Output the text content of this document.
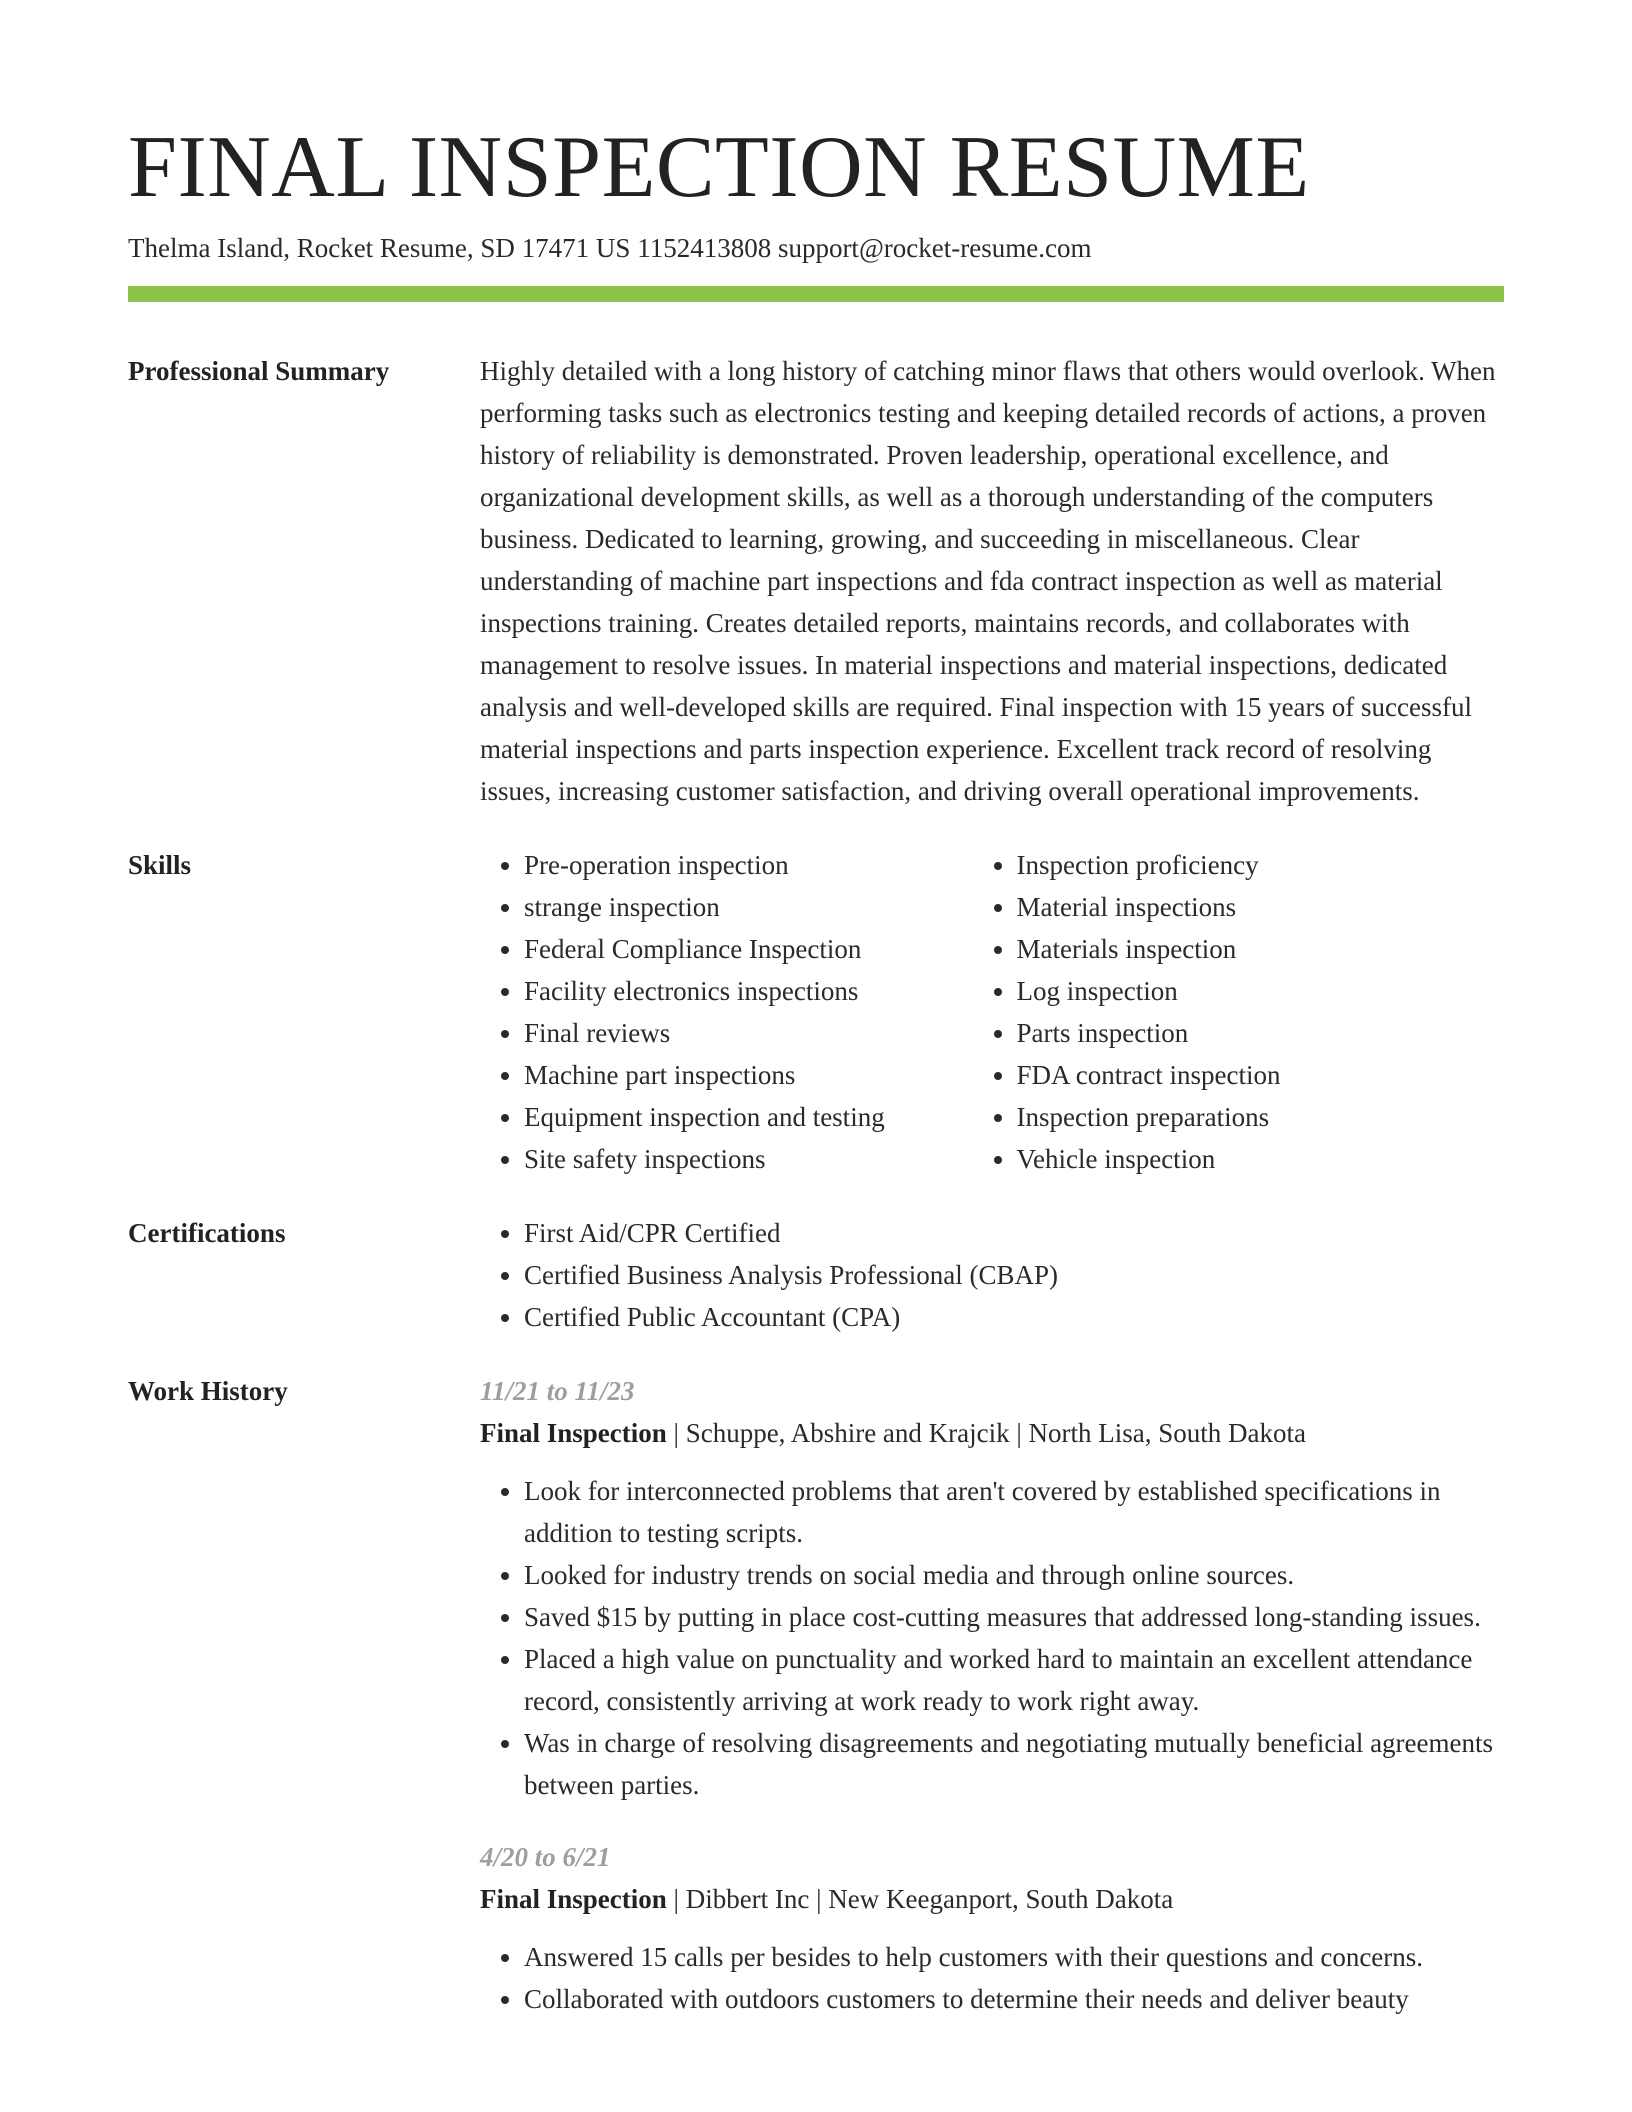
FINAL INSPECTION RESUME
Thelma Island, Rocket Resume, SD 17471 US 1152413808 support@rocket-resume.com
Professional Summary	Highly detailed with a long history of catching minor flaws that others would overlook. When performing tasks such as electronics testing and keeping detailed records of actions, a proven history of reliability is demonstrated. Proven leadership, operational excellence, and organizational development skills, as well as a thorough understanding of the computers business. Dedicated to learning, growing, and succeeding in miscellaneous. Clear understanding of machine part inspections and fda contract inspection as well as material inspections training. Creates detailed reports, maintains records, and collaborates with management to resolve issues. In material inspections and material inspections, dedicated analysis and well-developed skills are required. Final inspection with 15 years of successful material inspections and parts inspection experience. Excellent track record of resolving issues, increasing customer satisfaction, and driving overall operational improvements.

Skills	• Pre-operation inspection
• strange inspection
• Federal Compliance Inspection
• Facility electronics inspections
• Final reviews
• Machine part inspections
• Equipment inspection and testing
• Site safety inspections
• Inspection proficiency
• Material inspections
• Materials inspection
• Log inspection
• Parts inspection
• FDA contract inspection
• Inspection preparations
• Vehicle inspection
Certifications	• First Aid/CPR Certified
• Certified Business Analysis Professional (CBAP)
• Certified Public Accountant (CPA)
Work History	11/21 to 11/23
Final Inspection | Schuppe, Abshire and Krajcik | North Lisa, South Dakota
• Look for interconnected problems that aren't covered by established specifications in addition to testing scripts.
• Looked for industry trends on social media and through online sources.
• Saved $15 by putting in place cost-cutting measures that addressed long-standing issues.
• Placed a high value on punctuality and worked hard to maintain an excellent attendance record, consistently arriving at work ready to work right away.
• Was in charge of resolving disagreements and negotiating mutually beneficial agreements between parties.
4/20 to 6/21
Final Inspection | Dibbert Inc | New Keeganport, South Dakota
• Answered 15 calls per besides to help customers with their questions and concerns.
• Collaborated with outdoors customers to determine their needs and deliver beauty
